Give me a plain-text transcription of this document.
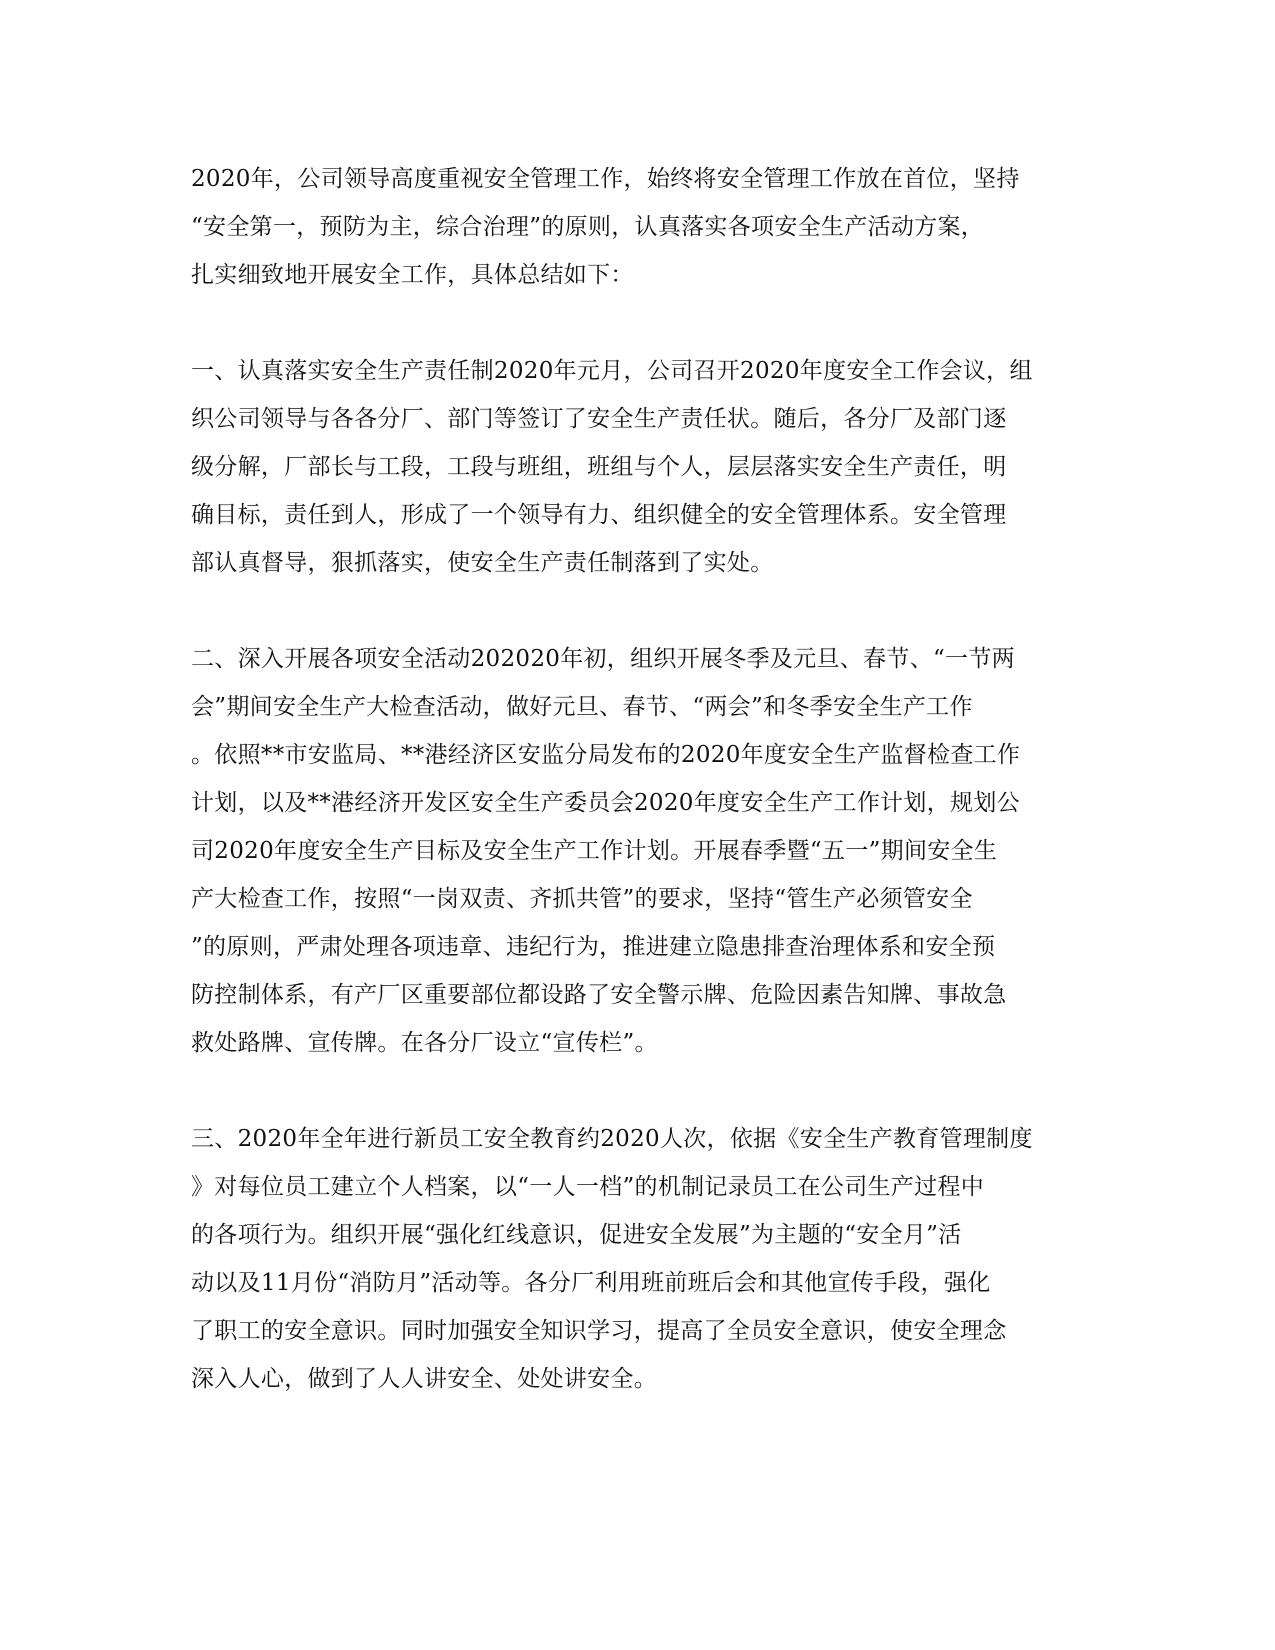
2020年，公司领导高度重视安全管理工作，始终将安全管理工作放在首位，坚持
“安全第一，预防为主，综合治理”的原则，认真落实各项安全生产活动方案，
扎实细致地开展安全工作，具体总结如下：

一、认真落实安全生产责任制2020年元月，公司召开2020年度安全工作会议，组
织公司领导与各各分厂、部门等签订了安全生产责任状。随后，各分厂及部门逐
级分解，厂部长与工段，工段与班组，班组与个人，层层落实安全生产责任，明
确目标，责任到人，形成了一个领导有力、组织健全的安全管理体系。安全管理
部认真督导，狠抓落实，使安全生产责任制落到了实处。

二、深入开展各项安全活动202020年初，组织开展冬季及元旦、春节、“一节两
会”期间安全生产大检查活动，做好元旦、春节、“两会”和冬季安全生产工作
。依照**市安监局、**港经济区安监分局发布的2020年度安全生产监督检查工作
计划，以及**港经济开发区安全生产委员会2020年度安全生产工作计划，规划公
司2020年度安全生产目标及安全生产工作计划。开展春季暨“五一”期间安全生
产大检查工作，按照“一岗双责、齐抓共管”的要求，坚持“管生产必须管安全
”的原则，严肃处理各项违章、违纪行为，推进建立隐患排查治理体系和安全预
防控制体系，有产厂区重要部位都设路了安全警示牌、危险因素告知牌、事故急
救处路牌、宣传牌。在各分厂设立“宣传栏”。

三、2020年全年进行新员工安全教育约2020人次，依据《安全生产教育管理制度
》对每位员工建立个人档案，以“一人一档”的机制记录员工在公司生产过程中
的各项行为。组织开展“强化红线意识，促进安全发展”为主题的“安全月”活
动以及11月份“消防月”活动等。各分厂利用班前班后会和其他宣传手段，强化
了职工的安全意识。同时加强安全知识学习，提高了全员安全意识，使安全理念
深入人心，做到了人人讲安全、处处讲安全。
